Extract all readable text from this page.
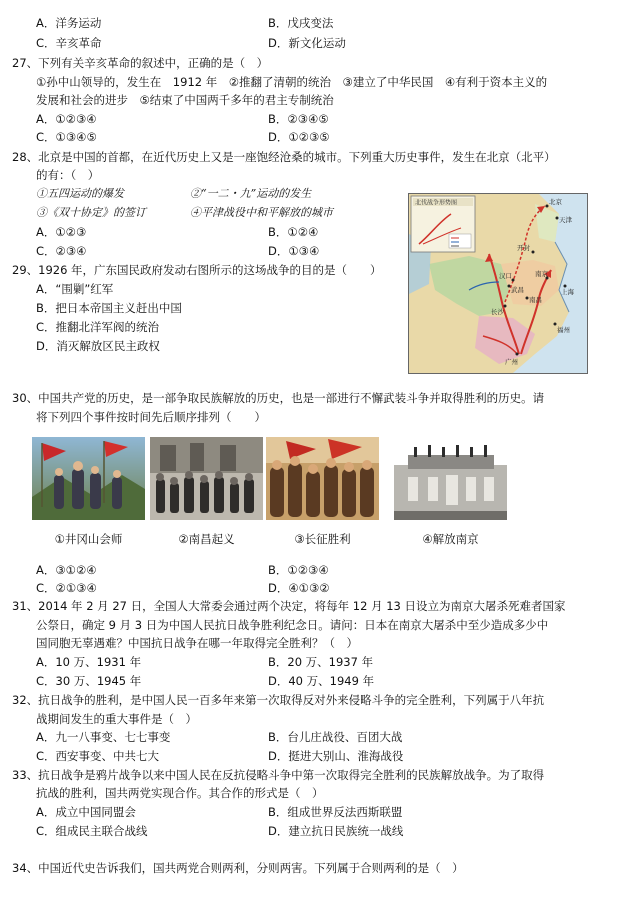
A．洋务运动	B．戊戌变法
C．辛亥革命	D．新文化运动
27、下列有关辛亥革命的叙述中，正确的是（　）
①孙中山领导的，发生在　1912 年　②推翻了清朝的统治　③建立了中华民国　④有利于资本主义的
发展和社会的进步　⑤结束了中国两千多年的君主专制统治
A．①②③④	B．②③④⑤
C．①③④⑤	D．①②③⑤
28、北京是中国的首都，在近代历史上又是一座饱经沧桑的城市。下列重大历史事件，发生在北京（北平）
的有：（　）
①五四运动的爆发	②“一二・九”运动的发生
③《双十协定》的签订	④平津战役中和平解放的城市
A．①②③	B．①②④
C．②③④	D．①③④
29、1926 年，广东国民政府发动右图所示的这场战争的目的是（　　）
A．“围剿”红军
B．把日本帝国主义赶出中国
C．推翻北洋军阀的统治
D．消灭解放区民主政权
北伐战争形势图	北京
天津
开封
南京
上海
南昌
长沙
汉口
广州
福州
武昌
30、中国共产党的历史，是一部争取民族解放的历史，也是一部进行不懈武装斗争并取得胜利的历史。请
将下列四个事件按时间先后顺序排列（　　）
①井冈山会师	②南昌起义	③长征胜利	④解放南京
A．③①②④	B．①②③④
C．②①③④	D．④①③②
31、2014 年 2 月 27 日，全国人大常委会通过两个决定，将每年 12 月 13 日设立为南京大屠杀死难者国家
公祭日，确定 9 月 3 日为中国人民抗日战争胜利纪念日。请问：日本在南京大屠杀中至少造成多少中
国同胞无辜遇难？中国抗日战争在哪一年取得完全胜利？（　）
A．10 万、1931 年	B．20 万、1937 年
C．30 万、1945 年	D．40 万、1949 年
32、抗日战争的胜利，是中国人民一百多年来第一次取得反对外来侵略斗争的完全胜利，下列属于八年抗
战期间发生的重大事件是（　）
A．九一八事变、七七事变	B．台儿庄战役、百团大战
C．西安事变、中共七大	D．挺进大别山、淮海战役
33、抗日战争是鸦片战争以来中国人民在反抗侵略斗争中第一次取得完全胜利的民族解放战争。为了取得
抗战的胜利，国共两党实现合作。其合作的形式是（　）
A．成立中国同盟会	B．组成世界反法西斯联盟
C．组成民主联合战线	D．建立抗日民族统一战线
34、中国近代史告诉我们，国共两党合则两利，分则两害。下列属于合则两利的是（　）
